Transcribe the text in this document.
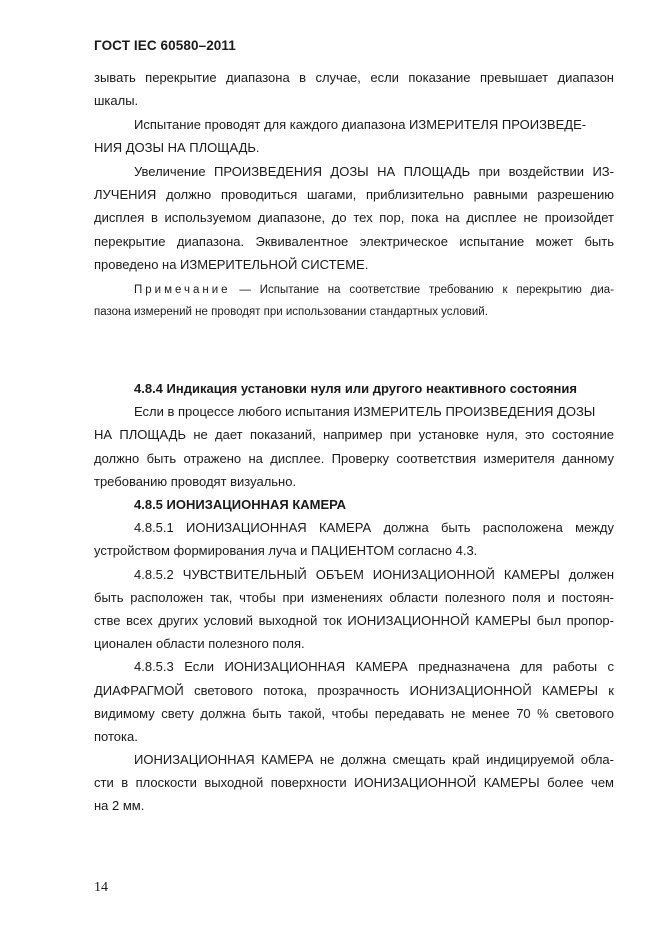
ГОСТ IEC 60580–2011
зывать перекрытие диапазона в случае, если показание превышает диапазон
шкалы.
Испытание проводят для каждого диапазона ИЗМЕРИТЕЛЯ ПРОИЗВЕДЕ-
НИЯ ДОЗЫ НА ПЛОЩАДЬ.
Увеличение ПРОИЗВЕДЕНИЯ ДОЗЫ НА ПЛОЩАДЬ при воздействии ИЗ-
ЛУЧЕНИЯ должно проводиться шагами, приблизительно равными разрешению
дисплея в используемом диапазоне, до тех пор, пока на дисплее не произойдет
перекрытие диапазона. Эквивалентное электрическое испытание может быть
проведено на ИЗМЕРИТЕЛЬНОЙ СИСТЕМЕ.
Примечание — Испытание на соответствие требованию к перекрытию диа-
пазона измерений не проводят при использовании стандартных условий.
4.8.4 Индикация установки нуля или другого неактивного состояния
Если в процессе любого испытания ИЗМЕРИТЕЛЬ ПРОИЗВЕДЕНИЯ ДОЗЫ
НА ПЛОЩАДЬ не дает показаний, например при установке нуля, это состояние
должно быть отражено на дисплее. Проверку соответствия измерителя данному
требованию проводят визуально.
4.8.5 ИОНИЗАЦИОННАЯ КАМЕРА
4.8.5.1 ИОНИЗАЦИОННАЯ КАМЕРА должна быть расположена между
устройством формирования луча и ПАЦИЕНТОМ согласно 4.3.
4.8.5.2 ЧУВСТВИТЕЛЬНЫЙ ОБЪЕМ ИОНИЗАЦИОННОЙ КАМЕРЫ должен
быть расположен так, чтобы при изменениях области полезного поля и постоян-
стве всех других условий выходной ток ИОНИЗАЦИОННОЙ КАМЕРЫ был пропор-
ционален области полезного поля.
4.8.5.3 Если ИОНИЗАЦИОННАЯ КАМЕРА предназначена для работы с
ДИАФРАГМОЙ светового потока, прозрачность ИОНИЗАЦИОННОЙ КАМЕРЫ к
видимому свету должна быть такой, чтобы передавать не менее 70 % светового
потока.
ИОНИЗАЦИОННАЯ КАМЕРА не должна смещать край индицируемой обла-
сти в плоскости выходной поверхности ИОНИЗАЦИОННОЙ КАМЕРЫ более чем
на 2 мм.
14
